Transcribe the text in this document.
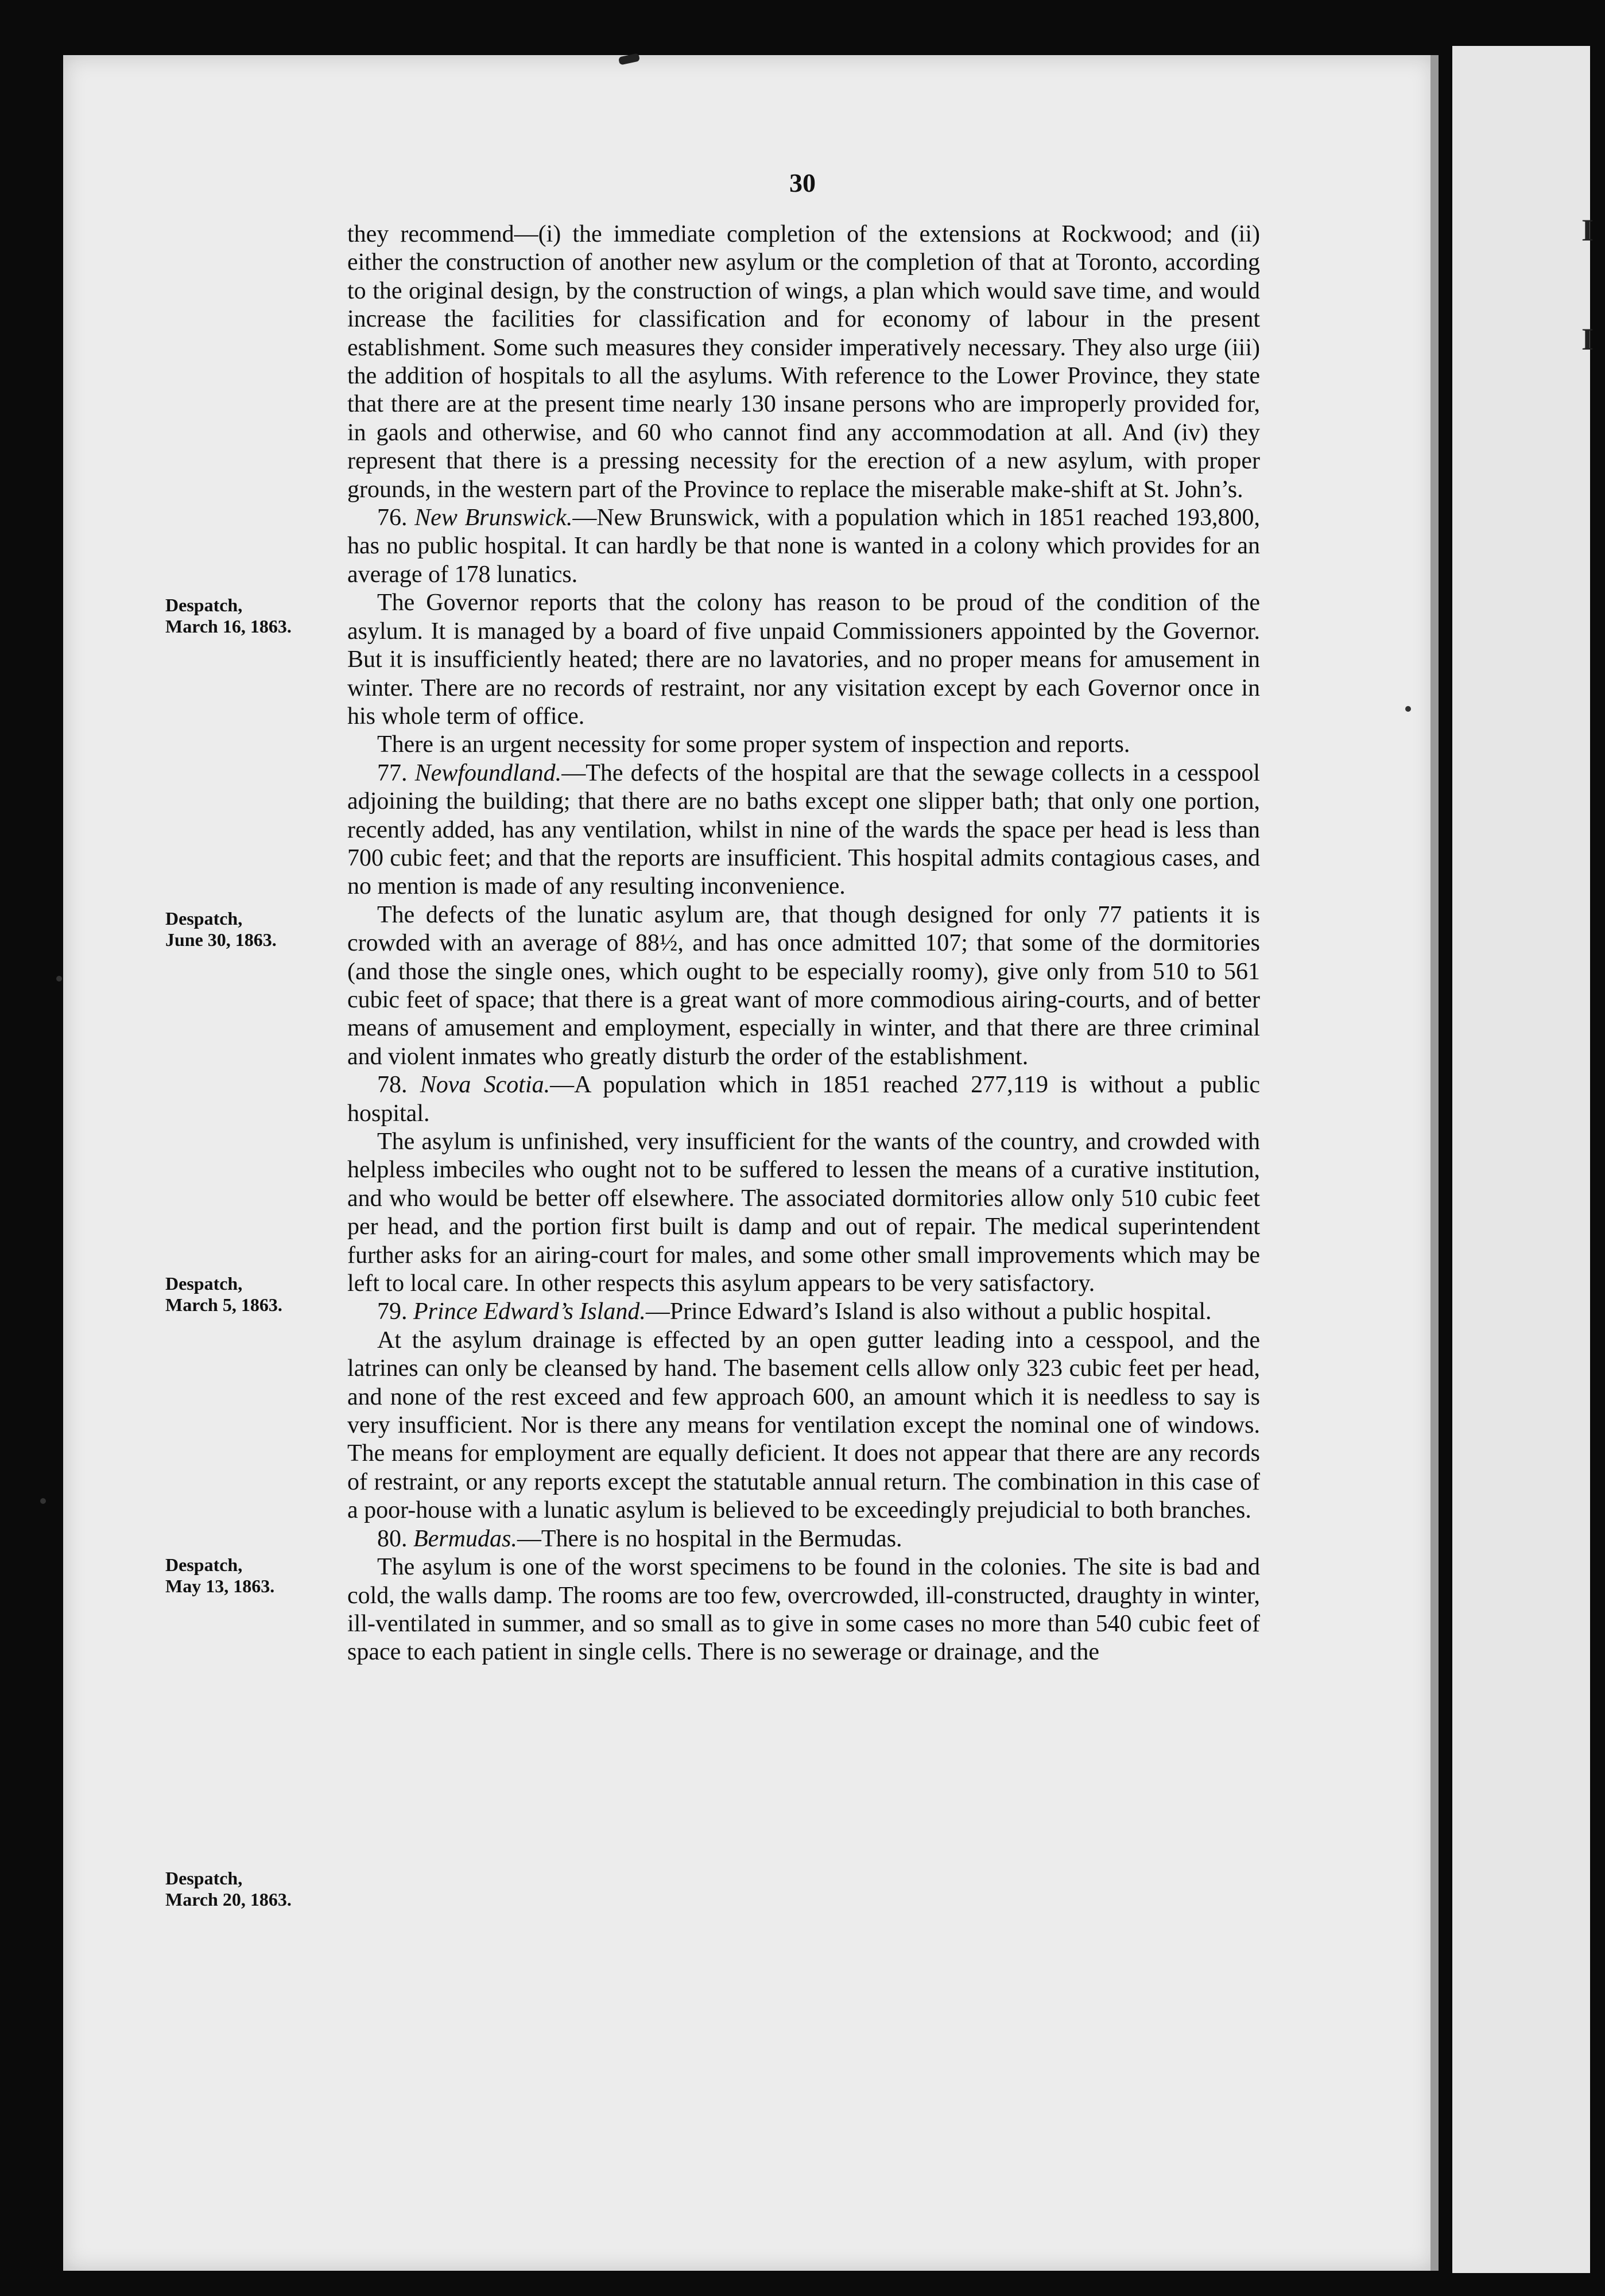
I
I
30

they recommend—(i) the immediate completion of the extensions at Rockwood; and (ii) either the construction of another new asylum or the completion of that at Toronto, according to the original design, by the construction of wings, a plan which would save time, and would increase the facilities for classification and for economy of labour in the present establishment. Some such measures they consider imperatively necessary. They also urge (iii) the addition of hospitals to all the asylums. With reference to the Lower Province, they state that there are at the present time nearly 130 insane persons who are improperly provided for, in gaols and otherwise, and 60 who cannot find any accommodation at all. And (iv) they represent that there is a pressing necessity for the erection of a new asylum, with proper grounds, in the western part of the Province to replace the miserable make-shift at St. John’s.

76. New Brunswick.—New Brunswick, with a population which in 1851 reached 193,800, has no public hospital. It can hardly be that none is wanted in a colony which provides for an average of 178 lunatics.

The Governor reports that the colony has reason to be proud of the condition of the asylum. It is managed by a board of five unpaid Commissioners appointed by the Governor. But it is insufficiently heated; there are no lavatories, and no proper means for amusement in winter. There are no records of restraint, nor any visitation except by each Governor once in his whole term of office.

There is an urgent necessity for some proper system of inspection and reports.

77. Newfoundland.—The defects of the hospital are that the sewage collects in a cesspool adjoining the building; that there are no baths except one slipper bath; that only one portion, recently added, has any ventilation, whilst in nine of the wards the space per head is less than 700 cubic feet; and that the reports are insufficient. This hospital admits contagious cases, and no mention is made of any resulting inconvenience.

The defects of the lunatic asylum are, that though designed for only 77 patients it is crowded with an average of 88½, and has once admitted 107; that some of the dormitories (and those the single ones, which ought to be especially roomy), give only from 510 to 561 cubic feet of space; that there is a great want of more commodious airing-courts, and of better means of amusement and employment, especially in winter, and that there are three criminal and violent inmates who greatly disturb the order of the establishment.

78. Nova Scotia.—A population which in 1851 reached 277,119 is without a public hospital.

The asylum is unfinished, very insufficient for the wants of the country, and crowded with helpless imbeciles who ought not to be suffered to lessen the means of a curative institution, and who would be better off elsewhere. The associated dormitories allow only 510 cubic feet per head, and the portion first built is damp and out of repair. The medical superintendent further asks for an airing-court for males, and some other small improvements which may be left to local care. In other respects this asylum appears to be very satisfactory.

79. Prince Edward’s Island.—Prince Edward’s Island is also without a public hospital.

At the asylum drainage is effected by an open gutter leading into a cesspool, and the latrines can only be cleansed by hand. The basement cells allow only 323 cubic feet per head, and none of the rest exceed and few approach 600, an amount which it is needless to say is very insufficient. Nor is there any means for ventilation except the nominal one of windows. The means for employment are equally deficient. It does not appear that there are any records of restraint, or any reports except the statutable annual return. The combination in this case of a poor-house with a lunatic asylum is believed to be exceedingly prejudicial to both branches.

80. Bermudas.—There is no hospital in the Bermudas.

The asylum is one of the worst specimens to be found in the colonies. The site is bad and cold, the walls damp. The rooms are too few, overcrowded, ill-constructed, draughty in winter, ill-ventilated in summer, and so small as to give in some cases no more than 540 cubic feet of space to each patient in single cells. There is no sewerage or drainage, and the

Despatch,
March 16, 1863.
Despatch,
June 30, 1863.
Despatch,
March 5, 1863.
Despatch,
May 13, 1863.
Despatch,
March 20, 1863.
